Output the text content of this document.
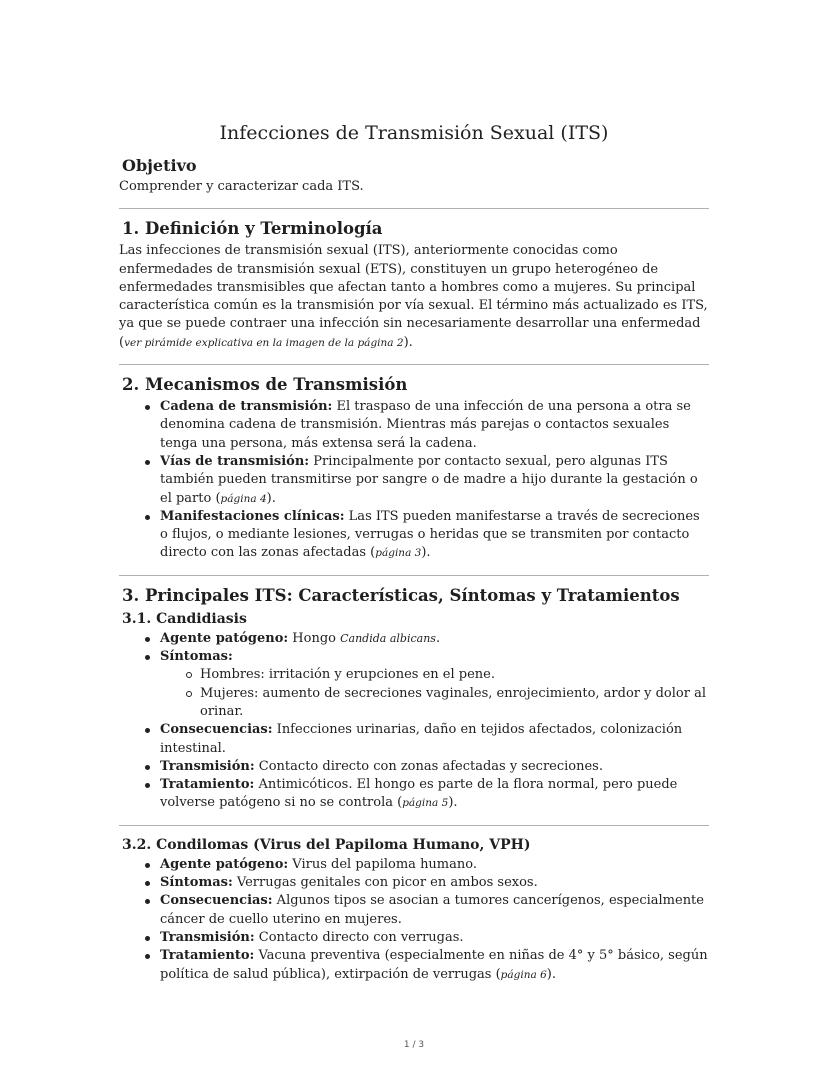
Infecciones de Transmisión Sexual (ITS)
Objetivo

Comprender y caracterizar cada ITS.

1. Definición y Terminología

Las infecciones de transmisión sexual (ITS), anteriormente conocidas como enfermedades de transmisión sexual (ETS), constituyen un grupo heterogéneo de enfermedades transmisibles que afectan tanto a hombres como a mujeres. Su principal característica común es la transmisión por vía sexual. El término más actualizado es ITS, ya que se puede contraer una infección sin necesariamente desarrollar una enfermedad (ver pirámide explicativa en la imagen de la página 2).

2. Mecanismos de Transmisión
Cadena de transmisión: El traspaso de una infección de una persona a otra se denomina cadena de transmisión. Mientras más parejas o contactos sexuales tenga una persona, más extensa será la cadena.
Vías de transmisión: Principalmente por contacto sexual, pero algunas ITS también pueden transmitirse por sangre o de madre a hijo durante la gestación o el parto (página 4).
Manifestaciones clínicas: Las ITS pueden manifestarse a través de secreciones o flujos, o mediante lesiones, verrugas o heridas que se transmiten por contacto directo con las zonas afectadas (página 3).
3. Principales ITS: Características, Síntomas y Tratamientos
3.1. Candidiasis
Agente patógeno: Hongo Candida albicans.
Síntomas:
Hombres: irritación y erupciones en el pene.
Mujeres: aumento de secreciones vaginales, enrojecimiento, ardor y dolor al orinar.
Consecuencias: Infecciones urinarias, daño en tejidos afectados, colonización intestinal.
Transmisión: Contacto directo con zonas afectadas y secreciones.
Tratamiento: Antimicóticos. El hongo es parte de la flora normal, pero puede volverse patógeno si no se controla (página 5).
3.2. Condilomas (Virus del Papiloma Humano, VPH)
Agente patógeno: Virus del papiloma humano.
Síntomas: Verrugas genitales con picor en ambos sexos.
Consecuencias: Algunos tipos se asocian a tumores cancerígenos, especialmente cáncer de cuello uterino en mujeres.
Transmisión: Contacto directo con verrugas.
Tratamiento: Vacuna preventiva (especialmente en niñas de 4° y 5° básico, según política de salud pública), extirpación de verrugas (página 6).
1 / 3
